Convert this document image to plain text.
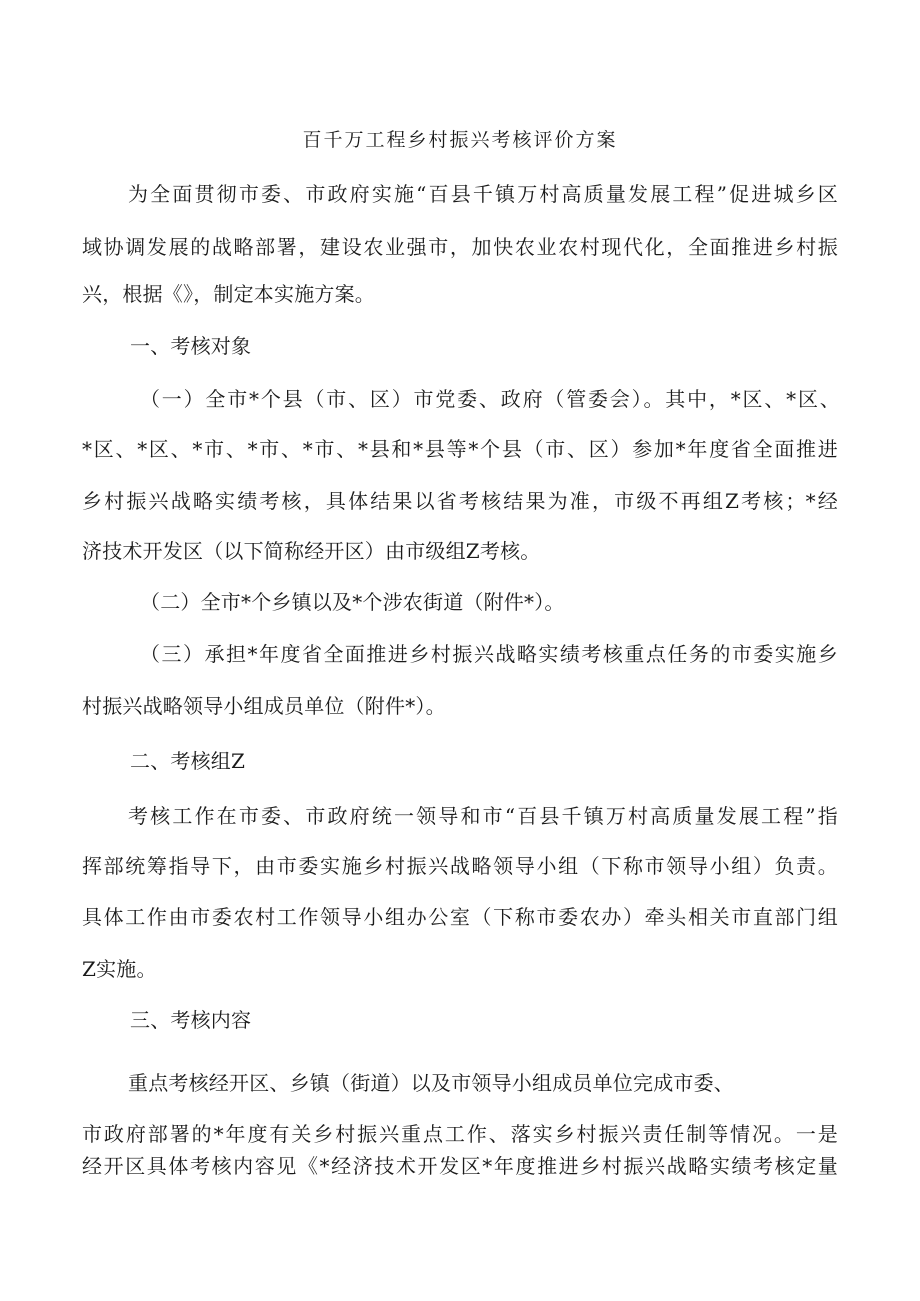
百千万工程乡村振兴考核评价方案
为全面贯彻市委、市政府实施“百县千镇万村高质量发展工程”促进城乡区
域协调发展的战略部署，建设农业强市，加快农业农村现代化，全面推进乡村振
兴，根据《》，制定本实施方案。
一、考核对象
（一）全市*个县（市、区）市党委、政府（管委会）。其中，*区、*区、
*区、*区、*市、*市、*市、*县和*县等*个县（市、区）参加*年度省全面推进
乡村振兴战略实绩考核，具体结果以省考核结果为准，市级不再组Z考核；*经
济技术开发区（以下简称经开区）由市级组Z考核。
（二）全市*个乡镇以及*个涉农街道（附件*）。
（三）承担*年度省全面推进乡村振兴战略实绩考核重点任务的市委实施乡
村振兴战略领导小组成员单位（附件*）。
二、考核组Z
考核工作在市委、市政府统一领导和市“百县千镇万村高质量发展工程”指
挥部统筹指导下，由市委实施乡村振兴战略领导小组（下称市领导小组）负责。
具体工作由市委农村工作领导小组办公室（下称市委农办）牵头相关市直部门组
Z实施。
三、考核内容
重点考核经开区、乡镇（街道）以及市领导小组成员单位完成市委、
市政府部署的*年度有关乡村振兴重点工作、落实乡村振兴责任制等情况。一是
经开区具体考核内容见《*经济技术开发区*年度推进乡村振兴战略实绩考核定量
